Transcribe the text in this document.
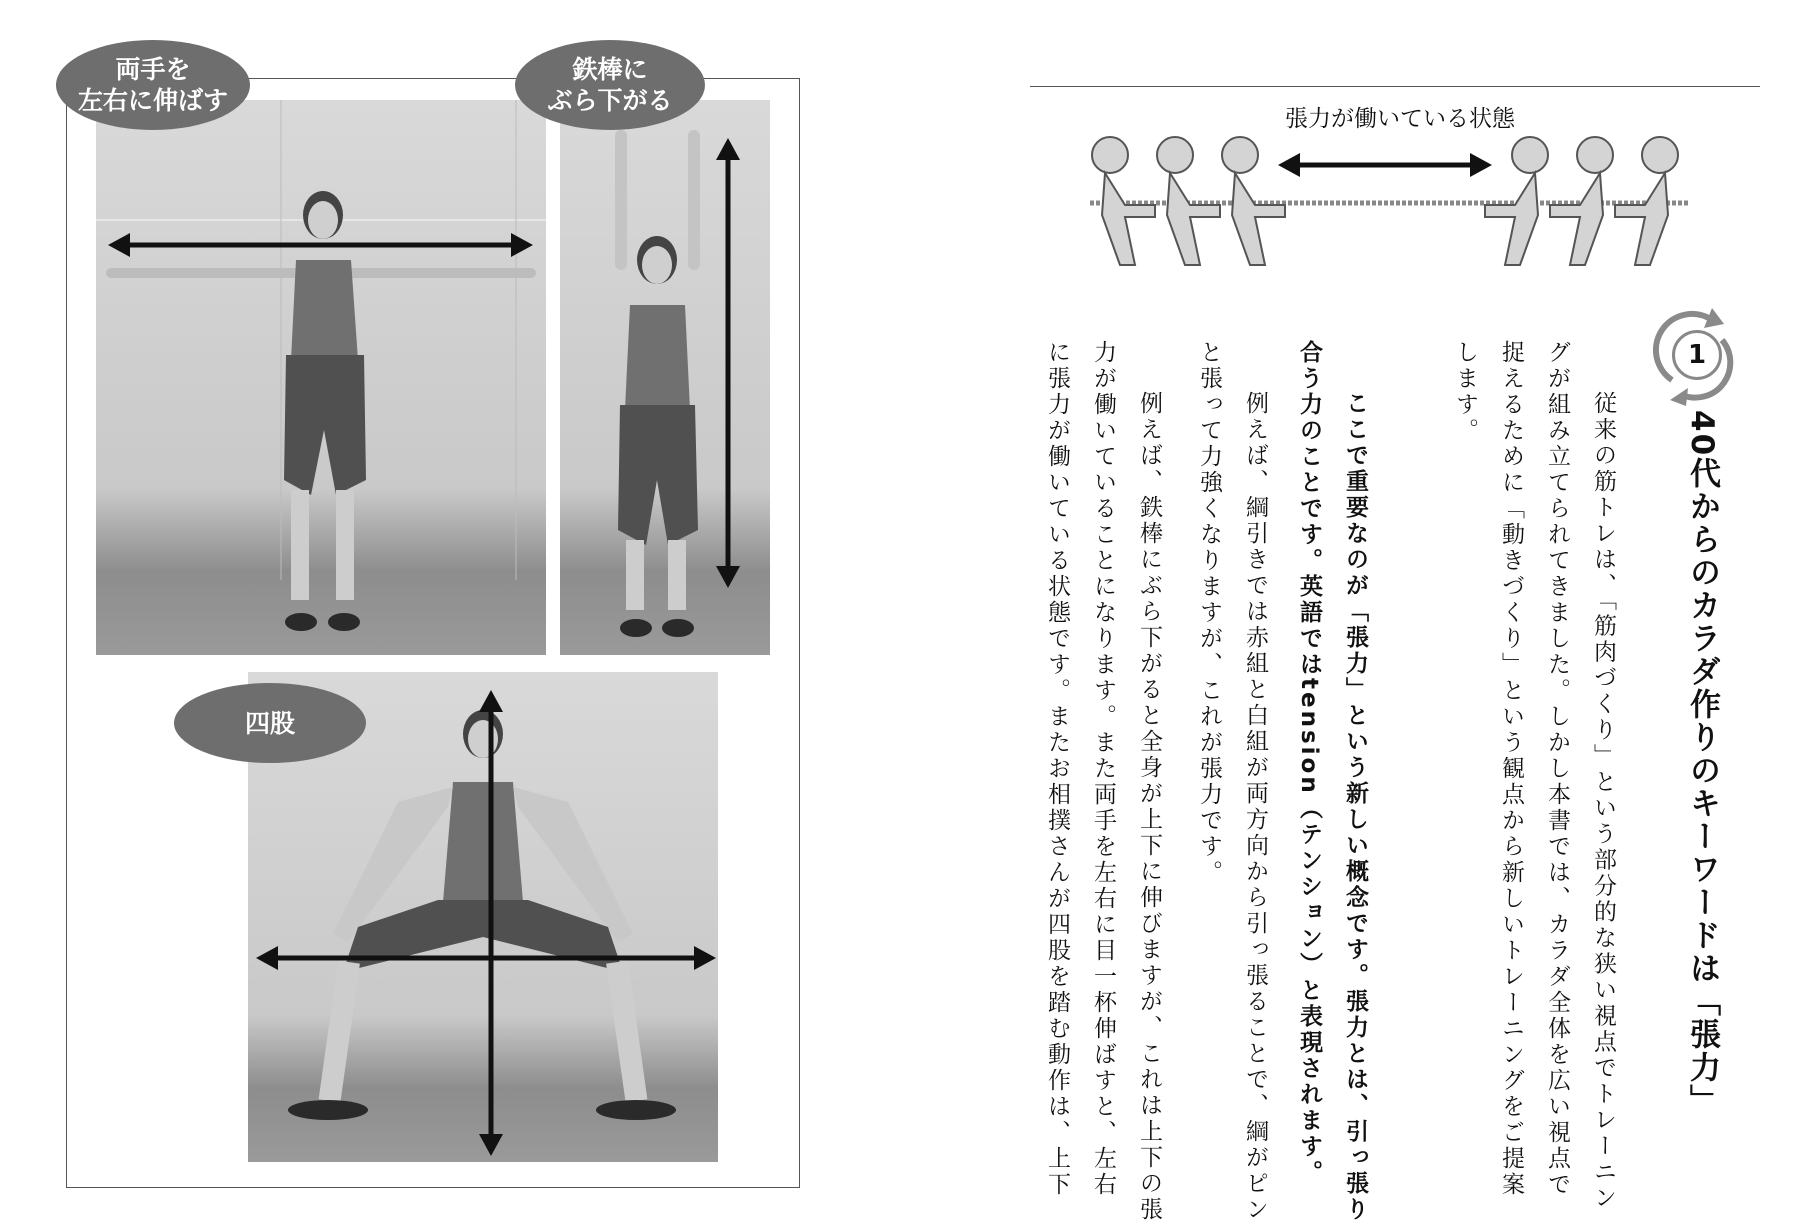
両手を
左右に伸ばす
鉄棒に
ぶら下がる
四股
張力が働いている状態
1
40代からのカラダ作りのキーワードは「張力」
　従来の筋トレは、「筋肉づくり」という部分的な狭い視点でトレーニン
グが組み立てられてきました。しかし本書では、カラダ全体を広い視点で
捉えるために「動きづくり」という観点から新しいトレーニングをご提案
します。
　ここで重要なのが「張力」という新しい概念です。張力とは、引っ張り
合う力のことです。英語ではtension（テンション）と表現されます。
　例えば、綱引きでは赤組と白組が両方向から引っ張ることで、綱がピン
と張って力強くなりますが、これが張力です。
　例えば、鉄棒にぶら下がると全身が上下に伸びますが、これは上下の張
力が働いていることになります。また両手を左右に目一杯伸ばすと、左右
に張力が働いている状態です。またお相撲さんが四股を踏む動作は、上下
